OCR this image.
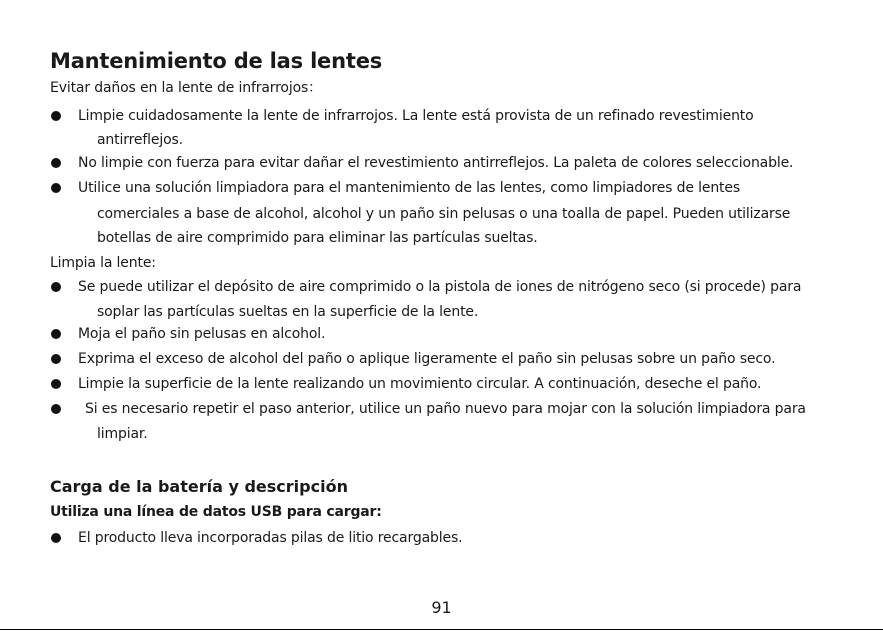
Mantenimiento de las lentes
Evitar daños en la lente de infrarrojos：
Limpie cuidadosamente la lente de infrarrojos. La lente está provista de un refinado revestimiento
antirreflejos.
No limpie con fuerza para evitar dañar el revestimiento antirreflejos. La paleta de colores seleccionable.
Utilice una solución limpiadora para el mantenimiento de las lentes, como limpiadores de lentes
comerciales a base de alcohol, alcohol y un paño sin pelusas o una toalla de papel. Pueden utilizarse
botellas de aire comprimido para eliminar las partículas sueltas.
Limpia la lente:
Se puede utilizar el depósito de aire comprimido o la pistola de iones de nitrógeno seco (si procede) para
soplar las partículas sueltas en la superficie de la lente.
Moja el paño sin pelusas en alcohol.
Exprima el exceso de alcohol del paño o aplique ligeramente el paño sin pelusas sobre un paño seco.
Limpie la superficie de la lente realizando un movimiento circular. A continuación, deseche el paño.
Si es necesario repetir el paso anterior, utilice un paño nuevo para mojar con la solución limpiadora para
limpiar.
Carga de la batería y descripción
Utiliza una línea de datos USB para cargar:
El producto lleva incorporadas pilas de litio recargables.
91
